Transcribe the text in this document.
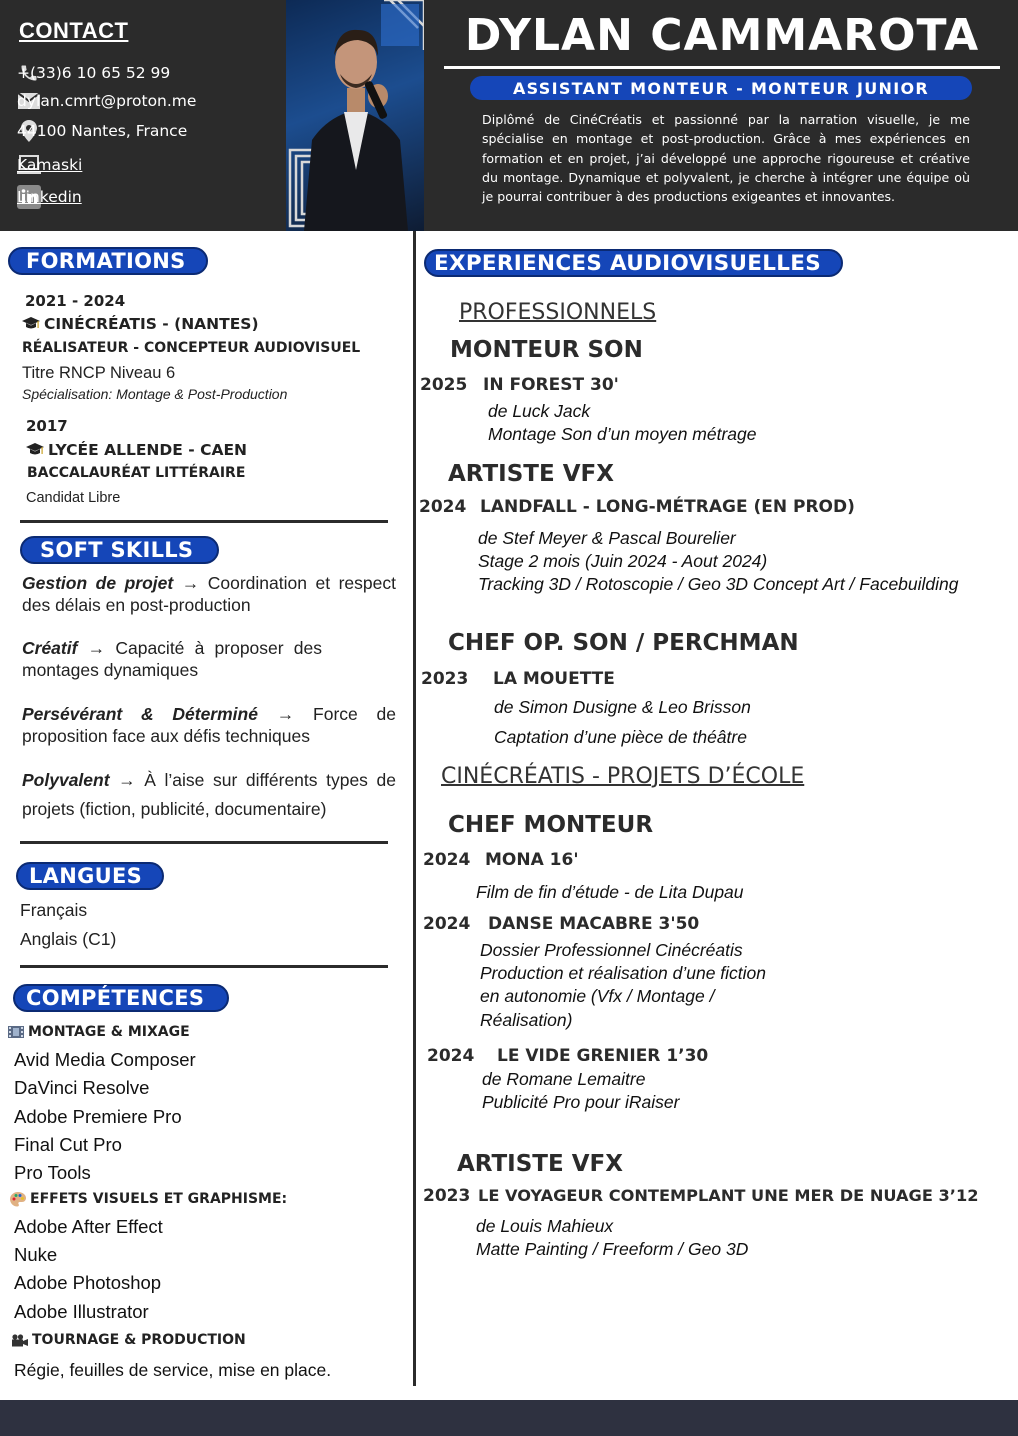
CONTACT
+(33)6 10 65 52 99
dylan.cmrt@proton.me
44100 Nantes, France
Kamaski
Linkedin
DYLAN CAMMAROTA
ASSISTANT MONTEUR - MONTEUR JUNIOR
Diplômé de CinéCréatis et passionné par la narration visuelle, je me spécialise en montage et post-production. Grâce à mes expériences en formation et en projet, j’ai développé une approche rigoureuse et créative du montage. Dynamique et polyvalent, je cherche à intégrer une équipe où je pourrai contribuer à des productions exigeantes et innovantes.
FORMATIONS
2021 - 2024
CINÉCRÉATIS - (NANTES)
RÉALISATEUR - CONCEPTEUR AUDIOVISUEL
Titre RNCP Niveau 6
Spécialisation: Montage & Post-Production
2017
LYCÉE ALLENDE - CAEN
BACCALAURÉAT LITTÉRAIRE
Candidat Libre
SOFT SKILLS
Gestion de projet → Coordination et respect des délais en post-production
Créatif → Capacité à proposer des montages dynamiques
Persévérant & Déterminé → Force de proposition face aux défis techniques
Polyvalent → À l’aise sur différents types de projets (fiction, publicité, documentaire)
LANGUES
Français
Anglais (C1)
COMPÉTENCES
MONTAGE & MIXAGE
Avid Media Composer
DaVinci Resolve
Adobe Premiere Pro
Final Cut Pro
Pro Tools
EFFETS VISUELS ET GRAPHISME:
Adobe After Effect
Nuke
Adobe Photoshop
Adobe Illustrator
TOURNAGE & PRODUCTION
Régie, feuilles de service, mise en place.
EXPERIENCES AUDIOVISUELLES
PROFESSIONNELS
MONTEUR SON
2025 IN FOREST 30'
de Luck Jack
Montage Son d’un moyen métrage
ARTISTE VFX
2024 LANDFALL - LONG-MÉTRAGE (EN PROD)
de Stef Meyer & Pascal Bourelier
Stage 2 mois (Juin 2024 - Aout 2024)
Tracking 3D / Rotoscopie / Geo 3D Concept Art / Facebuilding
CHEF OP. SON / PERCHMAN
2023 LA MOUETTE
de Simon Dusigne & Leo Brisson
Captation d’une pièce de théâtre
CINÉCRÉATIS - PROJETS D’ÉCOLE
CHEF MONTEUR
2024 MONA 16'
Film de fin d’étude - de Lita Dupau
2024 DANSE MACABRE 3'50
Dossier Professionnel Cinécréatis
Production et réalisation d’une fiction
en autonomie (Vfx / Montage /
Réalisation)
2024 LE VIDE GRENIER 1’30
de Romane Lemaitre
Publicité Pro pour iRaiser
ARTISTE VFX
2023 LE VOYAGEUR CONTEMPLANT UNE MER DE NUAGE 3’12
de Louis Mahieux
Matte Painting / Freeform / Geo 3D
